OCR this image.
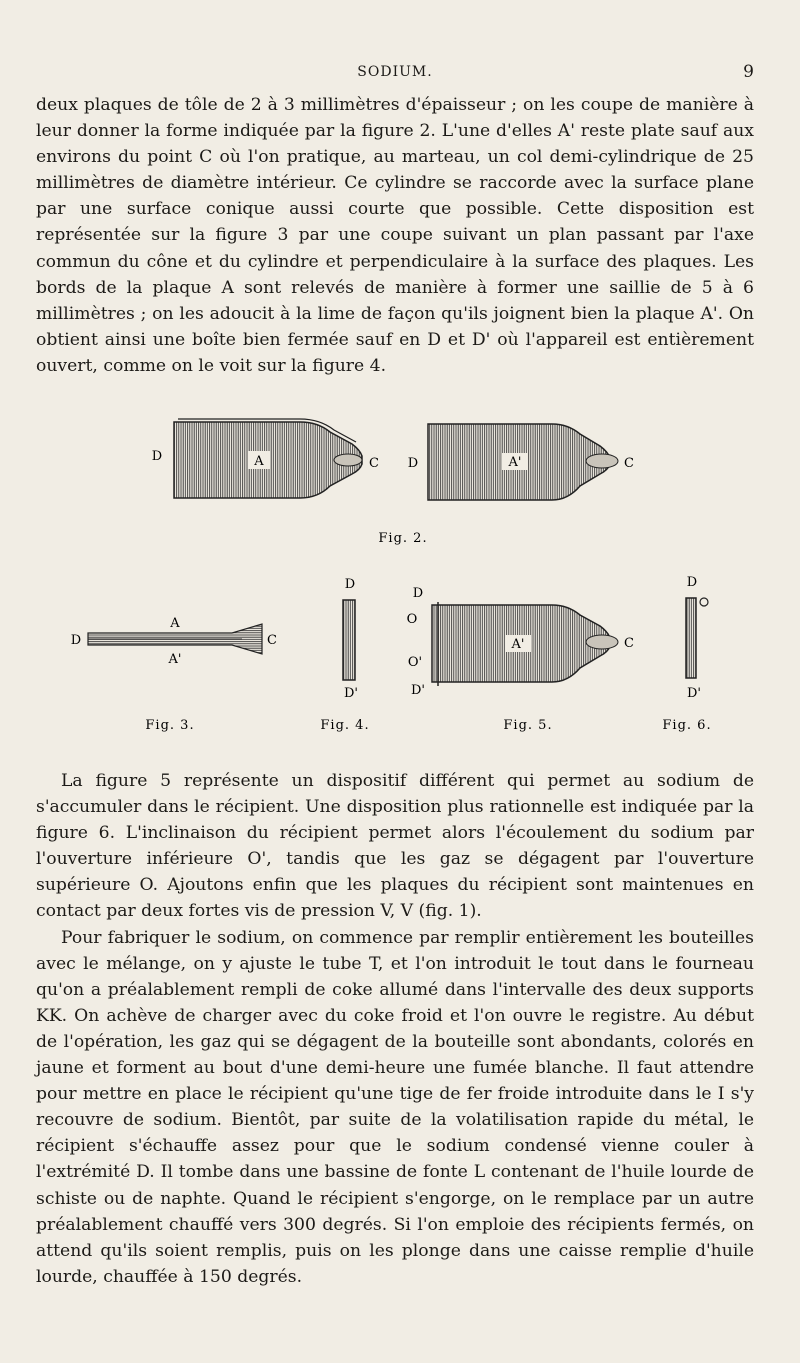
SODIUM.	9

deux plaques de tôle de 2 à 3 millimètres d'épaisseur ; on les coupe de manière à leur donner la forme indiquée par la figure 2. L'une d'elles A' reste plate sauf aux environs du point C où l'on pratique, au marteau, un col demi-cylindrique de 25 millimètres de diamètre intérieur. Ce cylindre se raccorde avec la surface plane par une surface conique aussi courte que possible. Cette disposition est représentée sur la figure 3 par une coupe suivant un plan passant par l'axe commun du cône et du cylindre et perpendiculaire à la surface des plaques. Les bords de la plaque A sont relevés de manière à former une saillie de 5 à 6 millimètres ; on les adoucit à la lime de façon qu'ils joignent bien la plaque A'. On obtient ainsi une boîte bien fermée sauf en D et D' où l'appareil est entièrement ouvert, comme on le voit sur la figure 4.

A
D	C	A'
D	C
Fig. 2.
A
A'
D	C
Fig. 3.
D
D'
Fig. 4.
A'
D
O
O'
D'
C
Fig. 5.
D
D'
Fig. 6.

La figure 5 représente un dispositif différent qui permet au sodium de s'accumuler dans le récipient. Une disposition plus rationnelle est indiquée par la figure 6. L'inclinaison du récipient permet alors l'écoulement du sodium par l'ouverture inférieure O', tandis que les gaz se dégagent par l'ouverture supérieure O. Ajoutons enfin que les plaques du récipient sont maintenues en contact par deux fortes vis de pression V, V (fig. 1).

Pour fabriquer le sodium, on commence par remplir entièrement les bouteilles avec le mélange, on y ajuste le tube T, et l'on introduit le tout dans le fourneau qu'on a préalablement rempli de coke allumé dans l'intervalle des deux supports KK. On achève de charger avec du coke froid et l'on ouvre le registre. Au début de l'opération, les gaz qui se dégagent de la bouteille sont abondants, colorés en jaune et forment au bout d'une demi-heure une fumée blanche. Il faut attendre pour mettre en place le récipient qu'une tige de fer froide introduite dans le I s'y recouvre de sodium. Bientôt, par suite de la volatilisation rapide du métal, le récipient s'échauffe assez pour que le sodium condensé vienne couler à l'extrémité D. Il tombe dans une bassine de fonte L contenant de l'huile lourde de schiste ou de naphte. Quand le récipient s'engorge, on le remplace par un autre préalablement chauffé vers 300 degrés. Si l'on emploie des récipients fermés, on attend qu'ils soient remplis, puis on les plonge dans une caisse remplie d'huile lourde, chauffée à 150 degrés.
